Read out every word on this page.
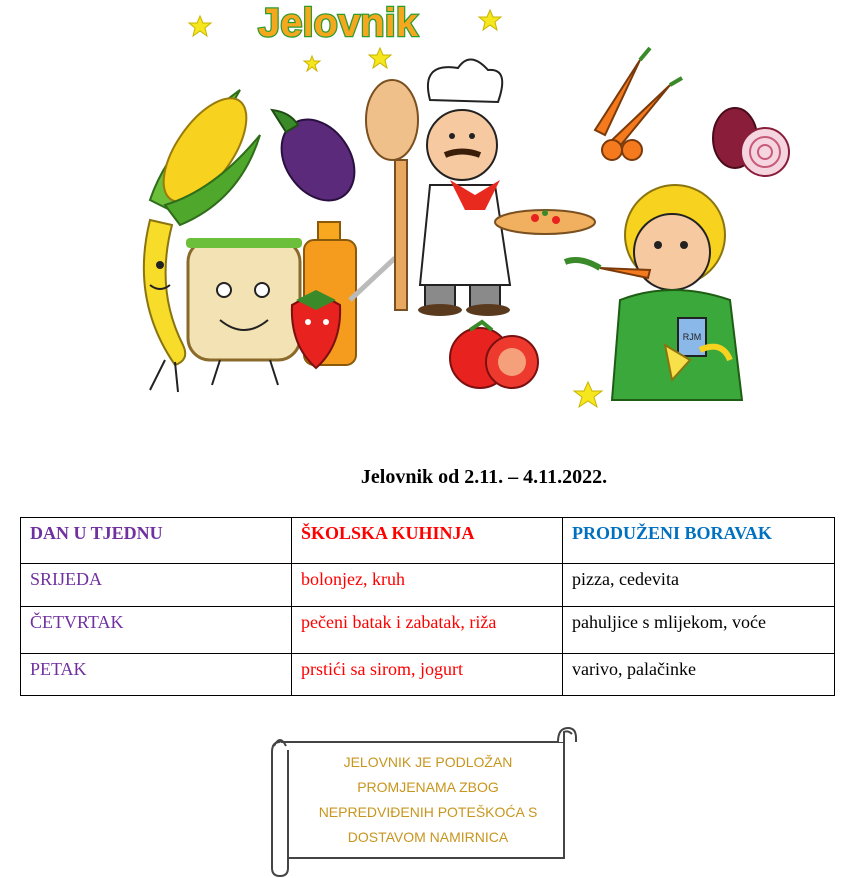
Jelovnik
RJM
Jelovnik od 2.11. – 4.11.2022.
DAN U TJEDNU	ŠKOLSKA KUHINJA	PRODUŽENI BORAVAK
SRIJEDA	bolonjez, kruh	pizza, cedevita
ČETVRTAK	pečeni batak i zabatak, riža	pahuljice s mlijekom, voće
PETAK	prstići sa sirom, jogurt	varivo, palačinke
JELOVNIK JE PODLOŽAN
PROMJENAMA ZBOG
NEPREDVIĐENIH POTEŠKOĆA S
DOSTAVOM NAMIRNICA
